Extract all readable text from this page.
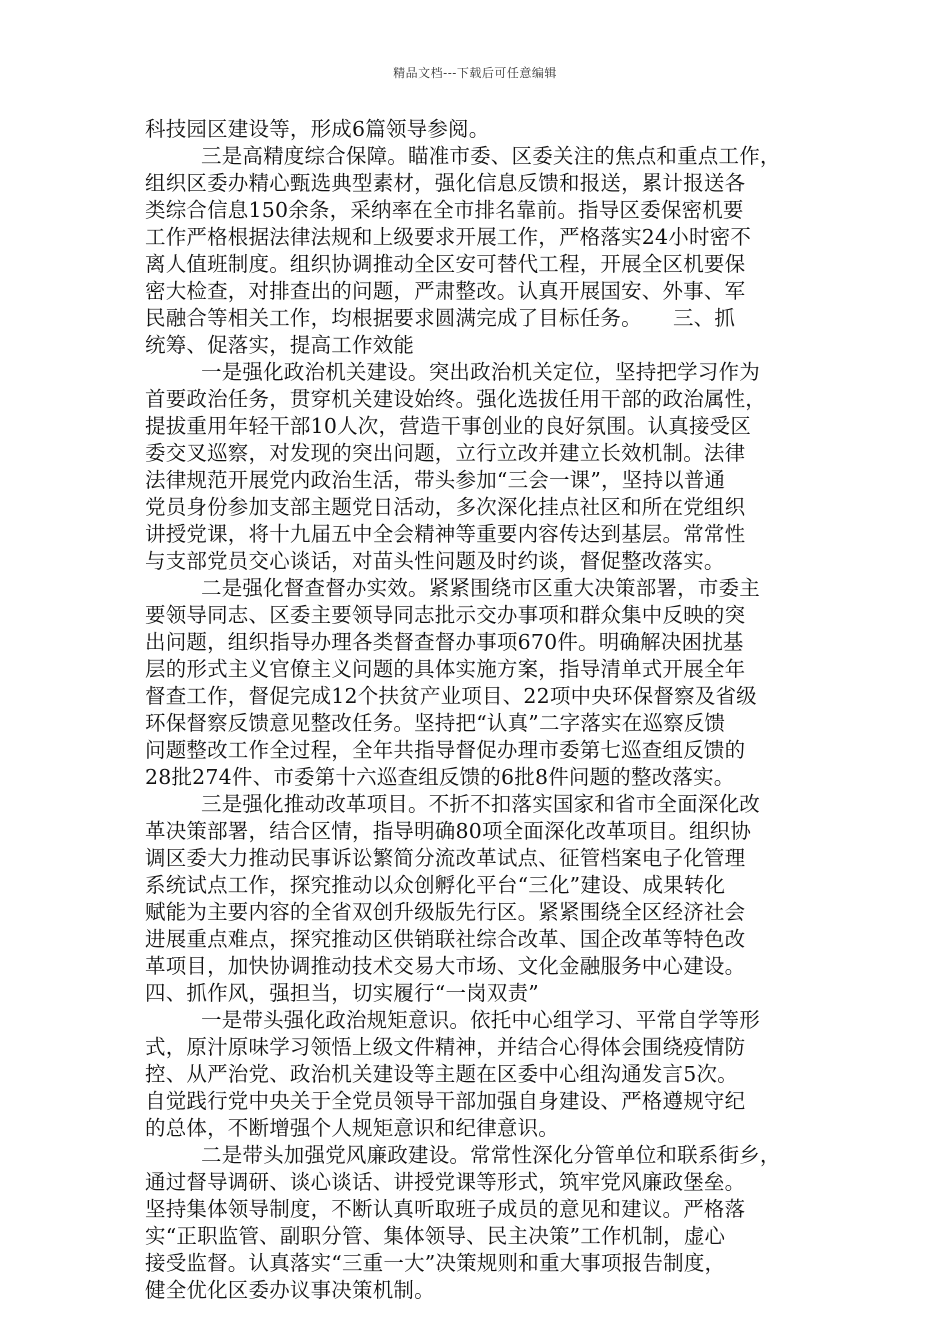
精品文档---下载后可任意编辑
科技园区建设等，形成6篇领导参阅。
三是高精度综合保障。瞄准市委、区委关注的焦点和重点工作，
组织区委办精心甄选典型素材，强化信息反馈和报送，累计报送各
类综合信息150余条，采纳率在全市排名靠前。指导区委保密机要
工作严格根据法律法规和上级要求开展工作，严格落实24小时密不
离人值班制度。组织协调推动全区安可替代工程，开展全区机要保
密大检查，对排查出的问题，严肃整改。认真开展国安、外事、军
民融合等相关工作，均根据要求圆满完成了目标任务。　　三、抓
统筹、促落实，提高工作效能
一是强化政治机关建设。突出政治机关定位，坚持把学习作为
首要政治任务，贯穿机关建设始终。强化选拔任用干部的政治属性，
提拔重用年轻干部10人次，营造干事创业的良好氛围。认真接受区
委交叉巡察，对发现的突出问题，立行立改并建立长效机制。法律
法律规范开展党内政治生活，带头参加“三会一课”，坚持以普通
党员身份参加支部主题党日活动，多次深化挂点社区和所在党组织
讲授党课，将十九届五中全会精神等重要内容传达到基层。常常性
与支部党员交心谈话，对苗头性问题及时约谈，督促整改落实。
二是强化督查督办实效。紧紧围绕市区重大决策部署，市委主
要领导同志、区委主要领导同志批示交办事项和群众集中反映的突
出问题，组织指导办理各类督查督办事项670件。明确解决困扰基
层的形式主义官僚主义问题的具体实施方案，指导清单式开展全年
督查工作，督促完成12个扶贫产业项目、22项中央环保督察及省级
环保督察反馈意见整改任务。坚持把“认真”二字落实在巡察反馈
问题整改工作全过程，全年共指导督促办理市委第七巡查组反馈的
28批274件、市委第十六巡查组反馈的6批8件问题的整改落实。
三是强化推动改革项目。不折不扣落实国家和省市全面深化改
革决策部署，结合区情，指导明确80项全面深化改革项目。组织协
调区委大力推动民事诉讼繁简分流改革试点、征管档案电子化管理
系统试点工作，探究推动以众创孵化平台“三化”建设、成果转化
赋能为主要内容的全省双创升级版先行区。紧紧围绕全区经济社会
进展重点难点，探究推动区供销联社综合改革、国企改革等特色改
革项目，加快协调推动技术交易大市场、文化金融服务中心建设。
四、抓作风，强担当，切实履行“一岗双责”
一是带头强化政治规矩意识。依托中心组学习、平常自学等形
式，原汁原味学习领悟上级文件精神，并结合心得体会围绕疫情防
控、从严治党、政治机关建设等主题在区委中心组沟通发言5次。
自觉践行党中央关于全党员领导干部加强自身建设、严格遵规守纪
的总体，不断增强个人规矩意识和纪律意识。
二是带头加强党风廉政建设。常常性深化分管单位和联系街乡，
通过督导调研、谈心谈话、讲授党课等形式，筑牢党风廉政堡垒。
坚持集体领导制度，不断认真听取班子成员的意见和建议。严格落
实“正职监管、副职分管、集体领导、民主决策”工作机制，虚心
接受监督。认真落实“三重一大”决策规则和重大事项报告制度，
健全优化区委办议事决策机制。
